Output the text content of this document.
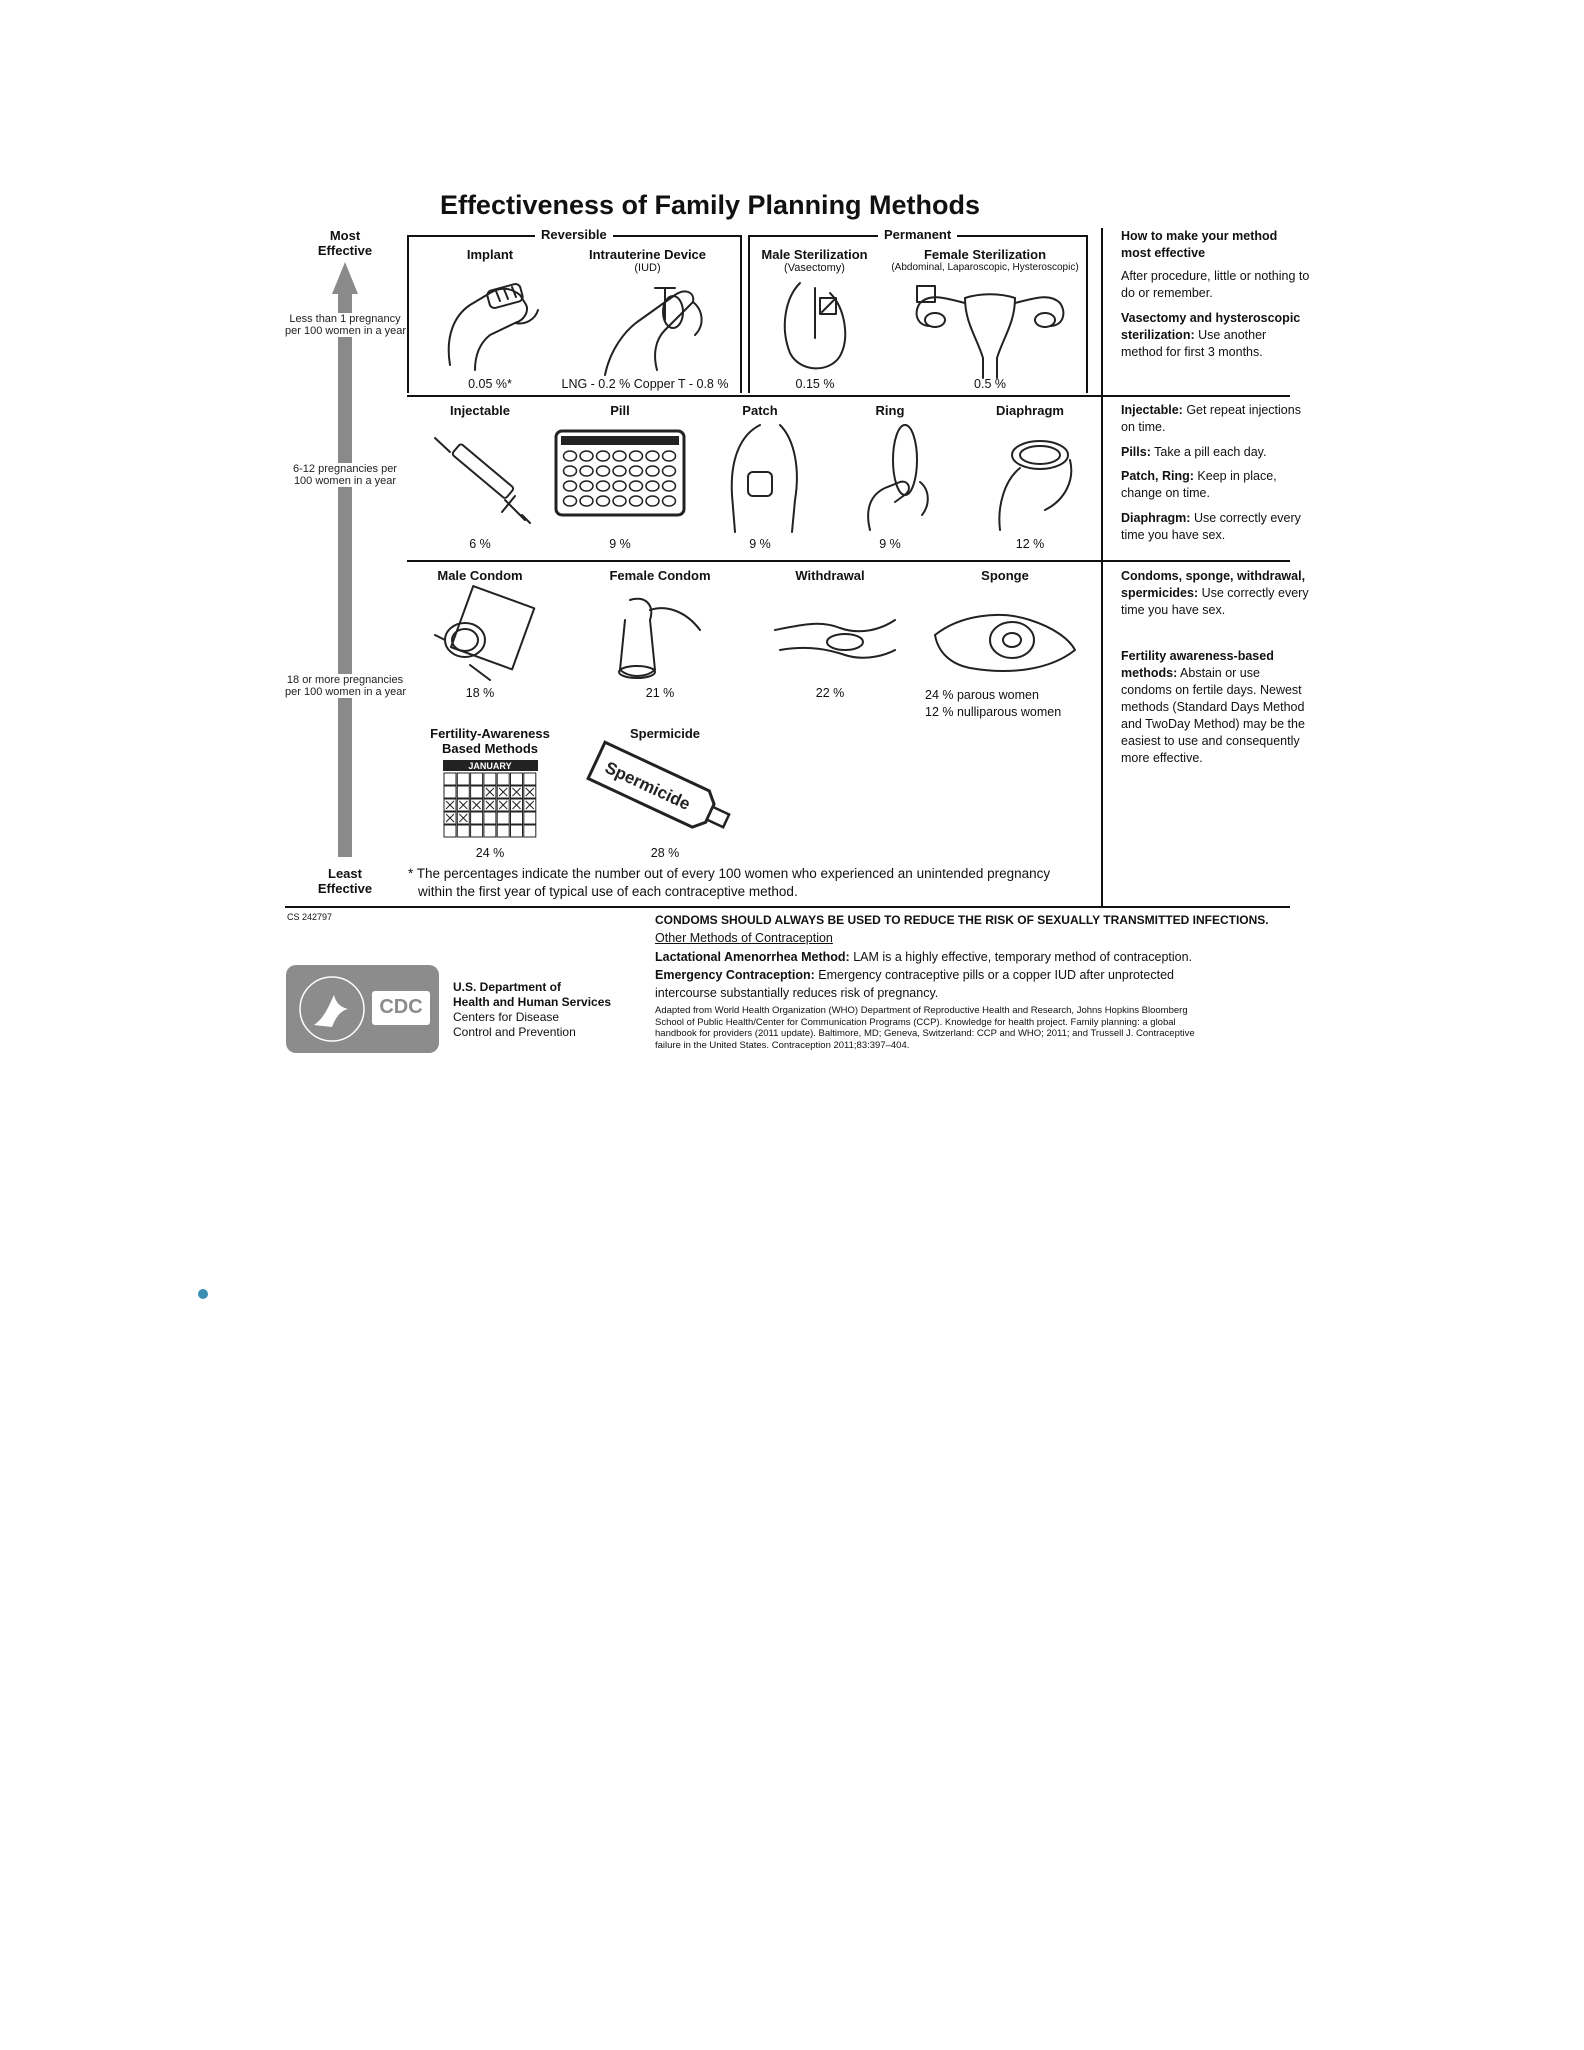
Effectiveness of Family Planning Methods
Most
Effective
Less than 1 pregnancy
per 100 women in a year
6-12 pregnancies per
100 women in a year
18 or more pregnancies
per 100 women in a year
Least
Effective
Reversible	Permanent
Implant
0.05 %*
Intrauterine Device
(IUD)
LNG - 0.2 % Copper T - 0.8 %
Male Sterilization
(Vasectomy)
0.15 %
Female Sterilization
(Abdominal, Laparoscopic, Hysteroscopic)
0.5 %
Injectable
6 %
Pill
9 %
Patch
9 %
Ring
9 %
Diaphragm
12 %
Male Condom
18 %
Female Condom
21 %
Withdrawal
22 %
Sponge
24 % parous women
12 % nulliparous women
Fertility-Awareness
Based Methods
JANUARY
24 %
Spermicide
Spermicide
28 %
* The percentages indicate the number out of every 100 women who experienced an unintended pregnancy
within the first year of typical use of each contraceptive method.
How to make your method
most effective
After procedure, little or nothing to do or remember.
Vasectomy and hysteroscopic sterilization: Use another method for first 3 months.
Injectable: Get repeat injections on time.
Pills: Take a pill each day.
Patch, Ring: Keep in place, change on time.
Diaphragm: Use correctly every time you have sex.
Condoms, sponge, withdrawal, spermicides: Use correctly every time you have sex.
Fertility awareness-based methods: Abstain or use condoms on fertile days. Newest methods (Standard Days Method and TwoDay Method) may be the easiest to use and consequently more effective.
CS 242797
CDC
U.S. Department of
Health and Human Services
Centers for Disease
Control and Prevention
CONDOMS SHOULD ALWAYS BE USED TO REDUCE THE RISK OF SEXUALLY TRANSMITTED INFECTIONS.
Other Methods of Contraception
Lactational Amenorrhea Method: LAM is a highly effective, temporary method of contraception.
Emergency Contraception: Emergency contraceptive pills or a copper IUD after unprotected
intercourse substantially reduces risk of pregnancy.
Adapted from World Health Organization (WHO) Department of Reproductive Health and Research, Johns Hopkins Bloomberg
School of Public Health/Center for Communication Programs (CCP). Knowledge for health project. Family planning: a global
handbook for providers (2011 update). Baltimore, MD; Geneva, Switzerland: CCP and WHO; 2011; and Trussell J. Contraceptive
failure in the United States. Contraception 2011;83:397–404.
